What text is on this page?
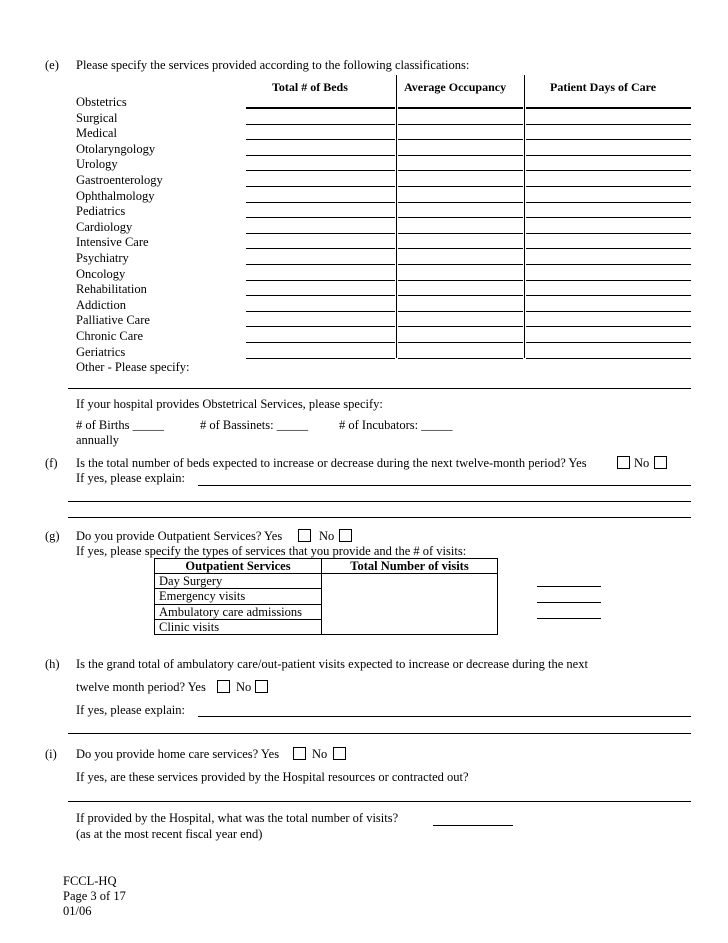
(e) Please specify the services provided according to the following classifications:
Total # of Beds	Average Occupancy	Patient Days of Care
Obstetrics
Surgical
Medical
Otolaryngology
Urology
Gastroenterology
Ophthalmology
Pediatrics
Cardiology
Intensive Care
Psychiatry
Oncology
Rehabilitation
Addiction
Palliative Care
Chronic Care
Geriatrics
Other - Please specify:
If your hospital provides Obstetrical Services, please specify:
# of Births _____	# of Bassinets: _____ # of Incubators: _____
annually
(f) Is the total number of beds expected to increase or decrease during the next twelve-month period? Yes	No
If yes, please explain:
(g) Do you provide Outpatient Services? Yes	No
If yes, please specify the types of services that you provide and the # of visits:
Outpatient Services	Total Number of visits
Day Surgery	

Emergency visits	
Ambulatory care admissions	
Clinic visits	
(h) Is the grand total of ambulatory care/out-patient visits expected to increase or decrease during the next
twelve month period? Yes No
If yes, please explain:
(i) Do you provide home care services? Yes	No
If yes, are these services provided by the Hospital resources or contracted out?
If provided by the Hospital, what was the total number of visits?
(as at the most recent fiscal year end)
FCCL-HQ
Page 3 of 17
01/06
